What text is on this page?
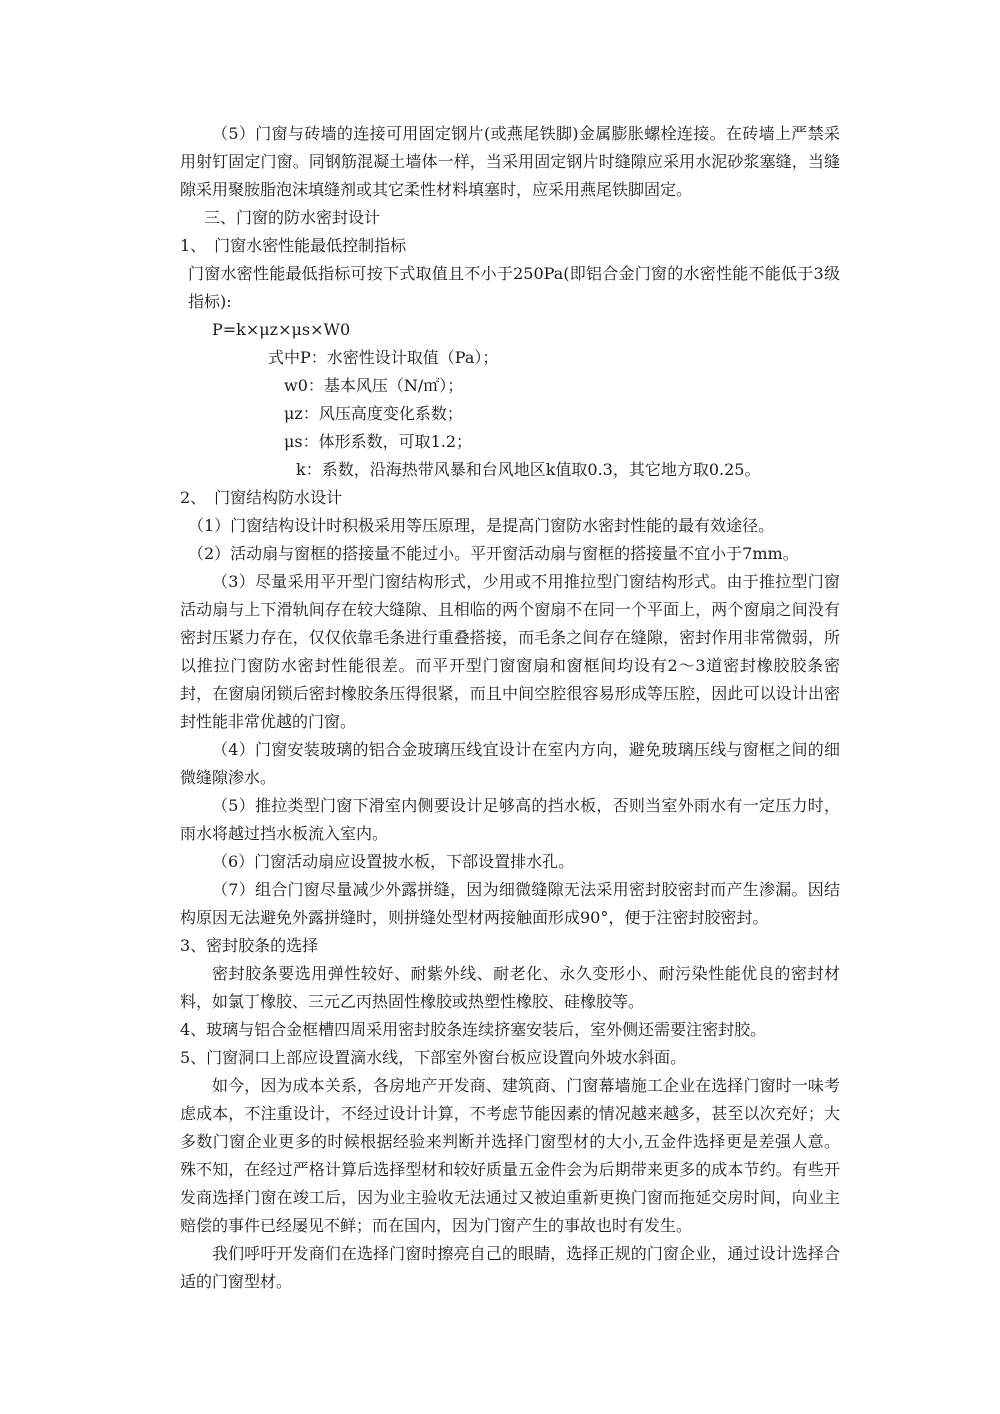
（5）门窗与砖墙的连接可用固定钢片(或燕尾铁脚)金属膨胀螺栓连接。在砖墙上严禁采用射钉固定门窗。同钢筋混凝土墙体一样，当采用固定钢片时缝隙应采用水泥砂浆塞缝，当缝隙采用聚胺脂泡沫填缝剂或其它柔性材料填塞时，应采用燕尾铁脚固定。

三、门窗的防水密封设计

1、　门窗水密性能最低控制指标

门窗水密性能最低指标可按下式取值且不小于250Pa(即铝合金门窗的水密性能不能低于3级指标):

P=k×μz×μs×W0

式中P：水密性设计取值（Pa）；

w0：基本风压（N/㎡）；

μz：风压高度变化系数；

μs：体形系数，可取1.2；

k：系数，沿海热带风暴和台风地区k值取0.3，其它地方取0.25。

2、　门窗结构防水设计

（1）门窗结构设计时积极采用等压原理，是提高门窗防水密封性能的最有效途径。

（2）活动扇与窗框的搭接量不能过小。平开窗活动扇与窗框的搭接量不宜小于7mm。

（3）尽量采用平开型门窗结构形式，少用或不用推拉型门窗结构形式。由于推拉型门窗活动扇与上下滑轨间存在较大缝隙、且相临的两个窗扇不在同一个平面上，两个窗扇之间没有密封压紧力存在，仅仅依靠毛条进行重叠搭接，而毛条之间存在缝隙，密封作用非常微弱，所以推拉门窗防水密封性能很差。而平开型门窗窗扇和窗框间均设有2～3道密封橡胶胶条密封，在窗扇闭锁后密封橡胶条压得很紧，而且中间空腔很容易形成等压腔，因此可以设计出密封性能非常优越的门窗。

（4）门窗安装玻璃的铝合金玻璃压线宜设计在室内方向，避免玻璃压线与窗框之间的细微缝隙渗水。

（5）推拉类型门窗下滑室内侧要设计足够高的挡水板，否则当室外雨水有一定压力时，雨水将越过挡水板流入室内。

（6）门窗活动扇应设置披水板，下部设置排水孔。

（7）组合门窗尽量减少外露拼缝，因为细微缝隙无法采用密封胶密封而产生渗漏。因结构原因无法避免外露拼缝时，则拼缝处型材两接触面形成90°，便于注密封胶密封。

3、密封胶条的选择

密封胶条要选用弹性较好、耐紫外线、耐老化、永久变形小、耐污染性能优良的密封材料，如氯丁橡胶、三元乙丙热固性橡胶或热塑性橡胶、硅橡胶等。

4、玻璃与铝合金框槽四周采用密封胶条连续挤塞安装后，室外侧还需要注密封胶。

5、门窗洞口上部应设置滴水线，下部室外窗台板应设置向外坡水斜面。

如今，因为成本关系，各房地产开发商、建筑商、门窗幕墙施工企业在选择门窗时一味考虑成本，不注重设计，不经过设计计算，不考虑节能因素的情况越来越多，甚至以次充好；大多数门窗企业更多的时候根据经验来判断并选择门窗型材的大小,五金件选择更是差强人意。殊不知，在经过严格计算后选择型材和较好质量五金件会为后期带来更多的成本节约。有些开发商选择门窗在竣工后，因为业主验收无法通过又被迫重新更换门窗而拖延交房时间，向业主赔偿的事件已经屡见不鲜；而在国内，因为门窗产生的事故也时有发生。

我们呼吁开发商们在选择门窗时擦亮自己的眼睛，选择正规的门窗企业，通过设计选择合适的门窗型材。
